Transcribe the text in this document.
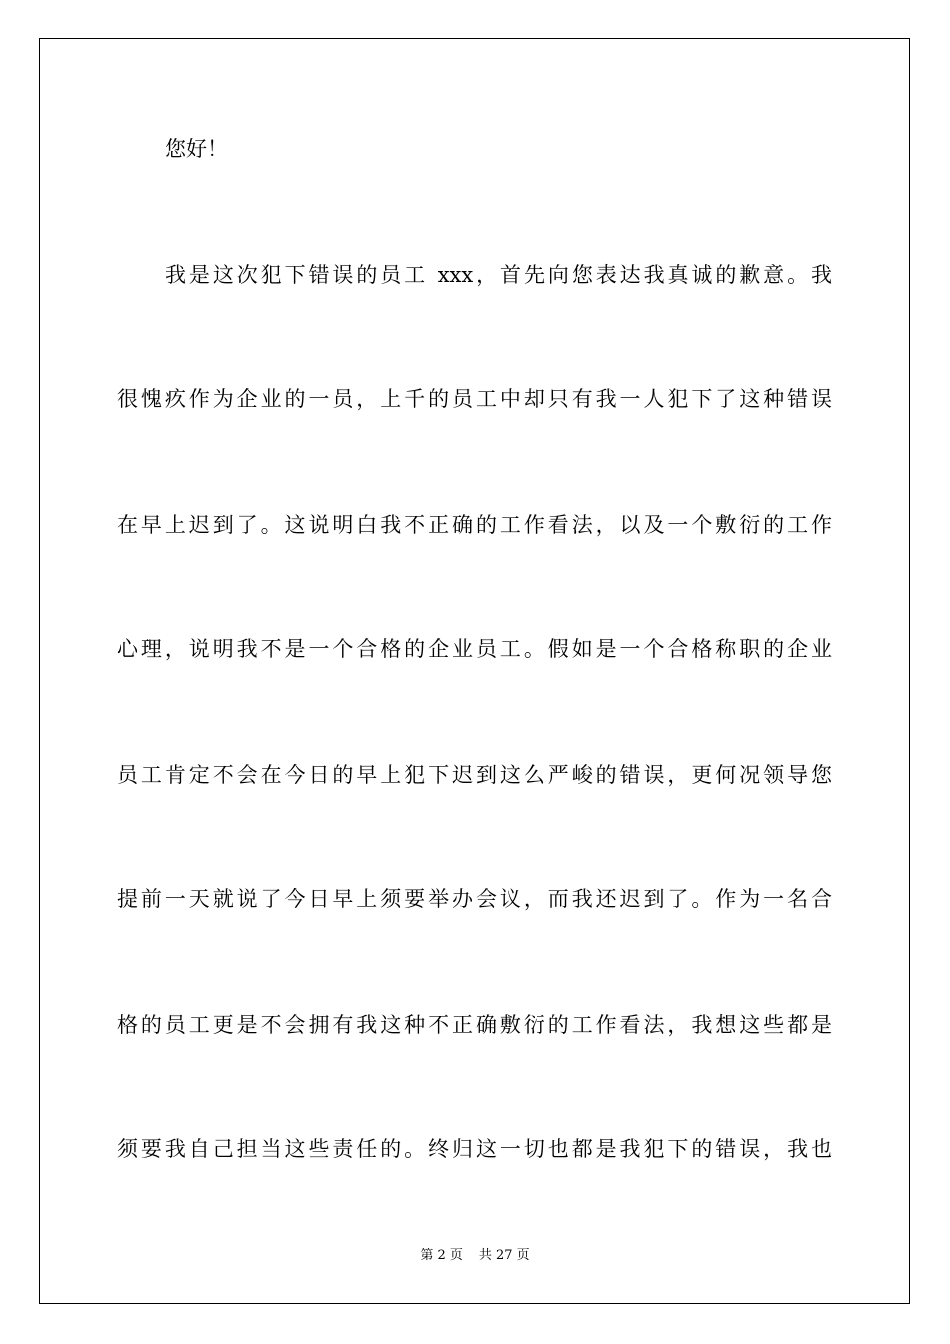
您好！
我是这次犯下错误的员工 xxx，首先向您表达我真诚的歉意。我
很愧疚作为企业的一员，上千的员工中却只有我一人犯下了这种错误
在早上迟到了。这说明白我不正确的工作看法，以及一个敷衍的工作
心理，说明我不是一个合格的企业员工。假如是一个合格称职的企业
员工肯定不会在今日的早上犯下迟到这么严峻的错误，更何况领导您
提前一天就说了今日早上须要举办会议，而我还迟到了。作为一名合
格的员工更是不会拥有我这种不正确敷衍的工作看法，我想这些都是
须要我自己担当这些责任的。终归这一切也都是我犯下的错误，我也
第 2 页 共 27 页
